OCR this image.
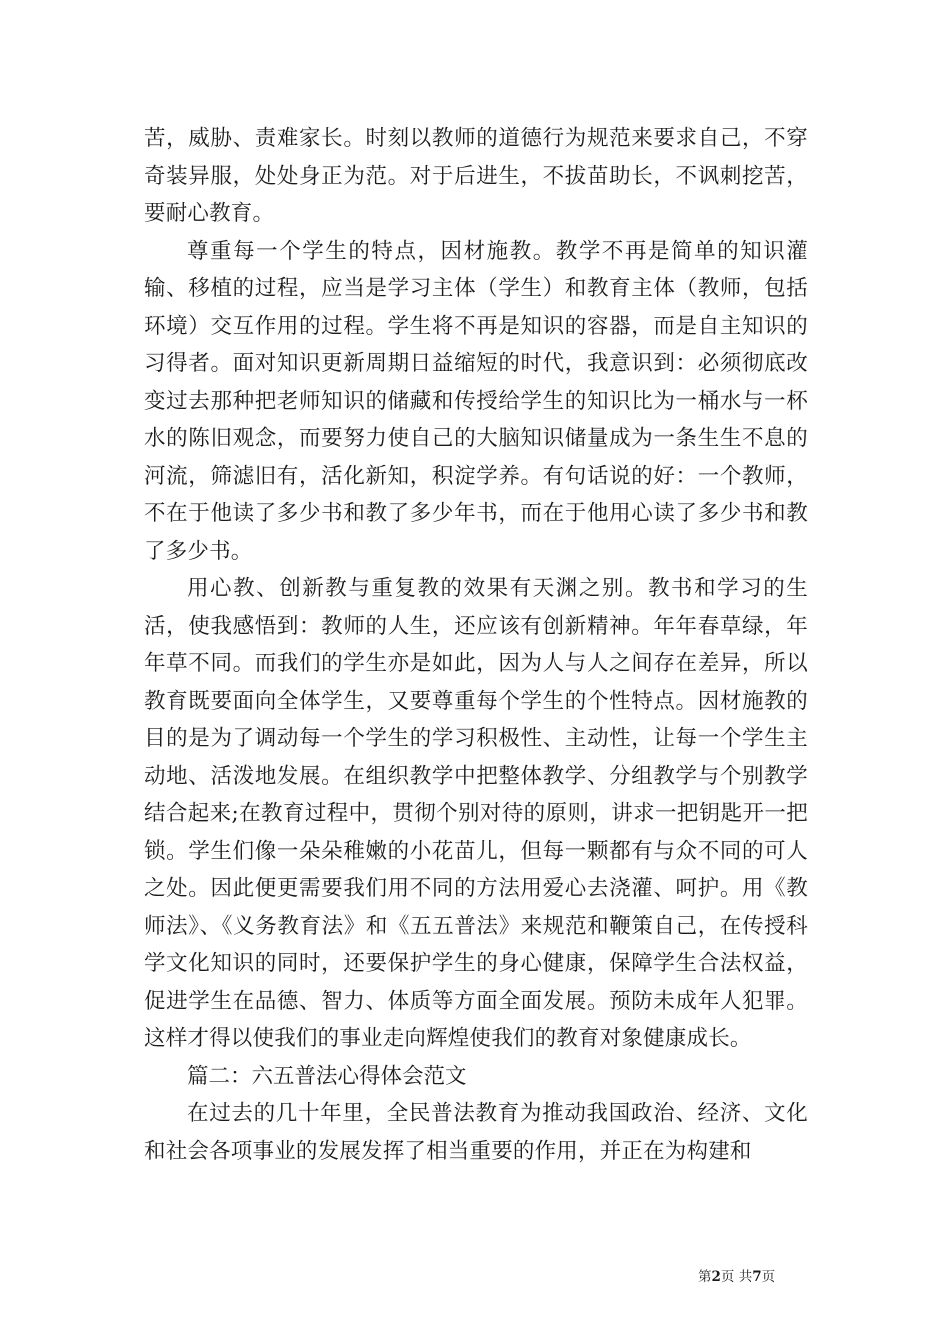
苦，威胁、责难家长。时刻以教师的道德行为规范来要求自己，不穿奇装异服，处处身正为范。对于后进生，不拔苗助长，不讽刺挖苦，要耐心教育。

尊重每一个学生的特点，因材施教。教学不再是简单的知识灌输、移植的过程，应当是学习主体（学生）和教育主体（教师，包括环境）交互作用的过程。学生将不再是知识的容器，而是自主知识的习得者。面对知识更新周期日益缩短的时代，我意识到：必须彻底改变过去那种把老师知识的储藏和传授给学生的知识比为一桶水与一杯水的陈旧观念，而要努力使自己的大脑知识储量成为一条生生不息的河流，筛滤旧有，活化新知，积淀学养。有句话说的好：一个教师，不在于他读了多少书和教了多少年书，而在于他用心读了多少书和教了多少书。

用心教、创新教与重复教的效果有天渊之别。教书和学习的生活，使我感悟到：教师的人生，还应该有创新精神。年年春草绿，年年草不同。而我们的学生亦是如此，因为人与人之间存在差异，所以教育既要面向全体学生，又要尊重每个学生的个性特点。因材施教的目的是为了调动每一个学生的学习积极性、主动性，让每一个学生主动地、活泼地发展。在组织教学中把整体教学、分组教学与个别教学结合起来;在教育过程中，贯彻个别对待的原则，讲求一把钥匙开一把锁。学生们像一朵朵稚嫩的小花苗儿，但每一颗都有与众不同的可人之处。因此便更需要我们用不同的方法用爱心去浇灌、呵护。用《教师法》、《义务教育法》和《五五普法》来规范和鞭策自己，在传授科学文化知识的同时，还要保护学生的身心健康，保障学生合法权益，促进学生在品德、智力、体质等方面全面发展。预防未成年人犯罪。这样才得以使我们的事业走向辉煌使我们的教育对象健康成长。

篇二：六五普法心得体会范文

在过去的几十年里，全民普法教育为推动我国政治、经济、文化和社会各项事业的发展发挥了相当重要的作用，并正在为构建和

第2页 共7页
